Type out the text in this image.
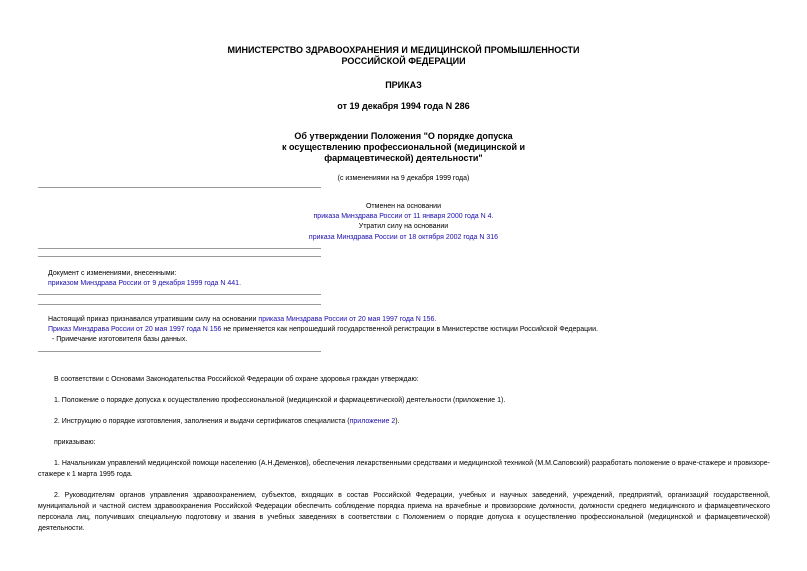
МИНИСТЕРСТВО ЗДРАВООХРАНЕНИЯ И МЕДИЦИНСКОЙ ПРОМЫШЛЕННОСТИ
РОССИЙСКОЙ ФЕДЕРАЦИИ
ПРИКАЗ
от 19 декабря 1994 года N 286
Об утверждении Положения "О порядке допуска
к осуществлению профессиональной (медицинской и
фармацевтической) деятельности"
(с изменениями на 9 декабря 1999 года)
Отменен на основании
приказа Минздрава России от 11 января 2000 года N 4.
Утратил силу на основании
приказа Минздрава России от 18 октября 2002 года N 316
Документ с изменениями, внесенными:
приказом Минздрава России от 9 декабря 1999 года N 441.
Настоящий приказ признавался утратившим силу на основании приказа Минздрава России от 20 мая 1997 года N 156.
Приказ Минздрава России от 20 мая 1997 года N 156 не применяется как непрошедший государственной регистрации в Министерстве юстиции Российской Федерации.
- Примечание изготовителя базы данных.
В соответствии с Основами Законодательства Российской Федерации об охране здоровья граждан утверждаю:
1. Положение о порядке допуска к осуществлению профессиональной (медицинской и фармацевтической) деятельности (приложение 1).
2. Инструкцию о порядке изготовления, заполнения и выдачи сертификатов специалиста (приложение 2).
приказываю:
1. Начальникам управлений медицинской помощи населению (А.Н.Деменков), обеспечения лекарственными средствами и медицинской техникой (М.М.Саповский) разработать положение о враче-стажере и провизоре-стажере к 1 марта 1995 года.
2. Руководителям органов управления здравоохранением, субъектов, входящих в состав Российской Федерации, учебных и научных заведений, учреждений, предприятий, организаций государственной, муниципальной и частной систем здравоохранения Российской Федерации обеспечить соблюдение порядка приема на врачебные и провизорские должности, должности среднего медицинского и фармацевтического персонала лиц, получивших специальную подготовку и звания в учебных заведениях в соответствии с Положением о порядке допуска к осуществлению профессиональной (медицинской и фармацевтической) деятельности.
